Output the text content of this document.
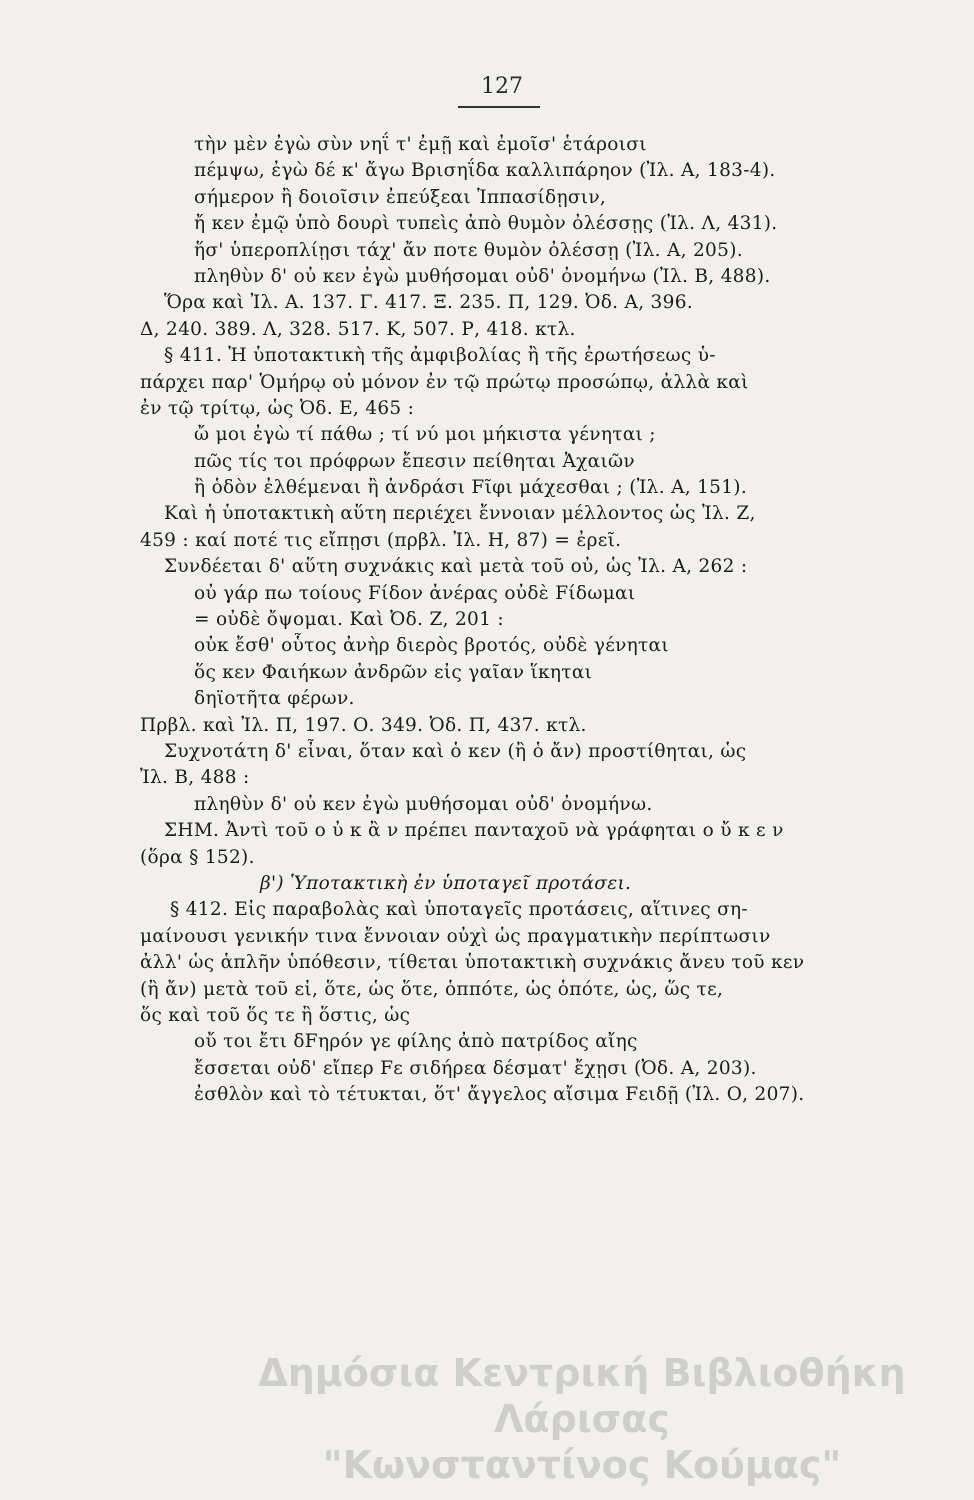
127
τὴν μὲν ἐγὼ σὺν νηΐ τ' ἐμῇ καὶ ἐμοῖσ' ἑτάροισι
πέμψω, ἐγὼ δέ κ' ἄγω Βρισηΐδα καλλιπάρηον (Ἰλ. Α, 183-4).
σήμερον ἢ δοιοῖσιν ἐπεύξεαι Ἱππασίδῃσιν,
ἤ κεν ἐμῷ ὑπὸ δουρὶ τυπεὶς ἀπὸ θυμὸν ὀλέσσῃς (Ἰλ. Λ, 431).
ἥσ' ὑπεροπλίῃσι τάχ' ἄν ποτε θυμὸν ὀλέσσῃ (Ἰλ. Α, 205).
πληθὺν δ' οὐ κεν ἐγὼ μυθήσομαι οὐδ' ὀνομήνω (Ἰλ. Β, 488).
Ὅρα καὶ Ἰλ. Α. 137. Γ. 417. Ξ. 235. Π, 129. Ὀδ. Α, 396.
Δ, 240. 389. Λ, 328. 517. Κ, 507. Ρ, 418. κτλ.
§ 411. Ἡ ὑποτακτικὴ τῆς ἀμφιβολίας ἢ τῆς ἐρωτήσεως ὑ-
πάρχει παρ' Ὁμήρῳ οὐ μόνον ἐν τῷ πρώτῳ προσώπῳ, ἀλλὰ καὶ
ἐν τῷ τρίτῳ, ὡς Ὀδ. Ε, 465 :
ὤ μοι ἐγὼ τί πάθω ; τί νύ μοι μήκιστα γένηται ;
πῶς τίς τοι πρόφρων ἔπεσιν πείθηται Ἀχαιῶν
ἢ ὁδὸν ἐλθέμεναι ἢ ἀνδράσι Fῖφι μάχεσθαι ; (Ἰλ. Α, 151).
Καὶ ἡ ὑποτακτικὴ αὕτη περιέχει ἔννοιαν μέλλοντος ὡς Ἰλ. Ζ,
459 : καί ποτέ τις εἴπῃσι (πρβλ. Ἰλ. Η, 87) = ἐρεῖ.
Συνδέεται δ' αὕτη συχνάκις καὶ μετὰ τοῦ οὐ, ὡς Ἰλ. Α, 262 :
οὐ γάρ πω τοίους Fίδον ἀνέρας οὐδὲ Fίδωμαι
= οὐδὲ ὄψομαι. Καὶ Ὀδ. Ζ, 201 :
οὐκ ἔσθ' οὗτος ἀνὴρ διερὸς βροτός, οὐδὲ γένηται
ὅς κεν Φαιήκων ἀνδρῶν εἰς γαῖαν ἵκηται
δηϊοτῆτα φέρων.
Πρβλ. καὶ Ἰλ. Π, 197. Ο. 349. Ὀδ. Π, 437. κτλ.
Συχνοτάτη δ' εἶναι, ὅταν καὶ ὁ κεν (ἢ ὁ ἄν) προστίθηται, ὡς
Ἰλ. Β, 488 :
πληθὺν δ' οὐ κεν ἐγὼ μυθήσομαι οὐδ' ὀνομήνω.
ΣΗΜ. Ἀντὶ τοῦ ο ὐ κ ἂ ν πρέπει πανταχοῦ νὰ γράφηται ο ὔ κ ε ν
(ὅρα § 152).
β') Ὑποτακτικὴ ἐν ὑποταγεῖ προτάσει.
§ 412. Εἰς παραβολὰς καὶ ὑποταγεῖς προτάσεις, αἵτινες ση-
μαίνουσι γενικήν τινα ἔννοιαν οὐχὶ ὡς πραγματικὴν περίπτωσιν
ἀλλ' ὡς ἁπλῆν ὑπόθεσιν, τίθεται ὑποτακτικὴ συχνάκις ἄνευ τοῦ κεν
(ἢ ἄν) μετὰ τοῦ εἰ, ὅτε, ὡς ὅτε, ὁππότε, ὡς ὁπότε, ὡς, ὥς τε,
ὅς καὶ τοῦ ὅς τε ἢ ὅστις, ὡς
οὔ τοι ἔτι δFηρόν γε φίλης ἀπὸ πατρίδος αἴης
ἔσσεται οὐδ' εἴπερ Fε σιδήρεα δέσματ' ἔχῃσι (Ὀδ. Α, 203).
ἐσθλὸν καὶ τὸ τέτυκται, ὅτ' ἄγγελος αἴσιμα Fειδῇ (Ἰλ. Ο, 207).
Δημόσια Κεντρική Βιβλιοθήκη Λάρισας
"Κωνσταντίνος Κούμας"
